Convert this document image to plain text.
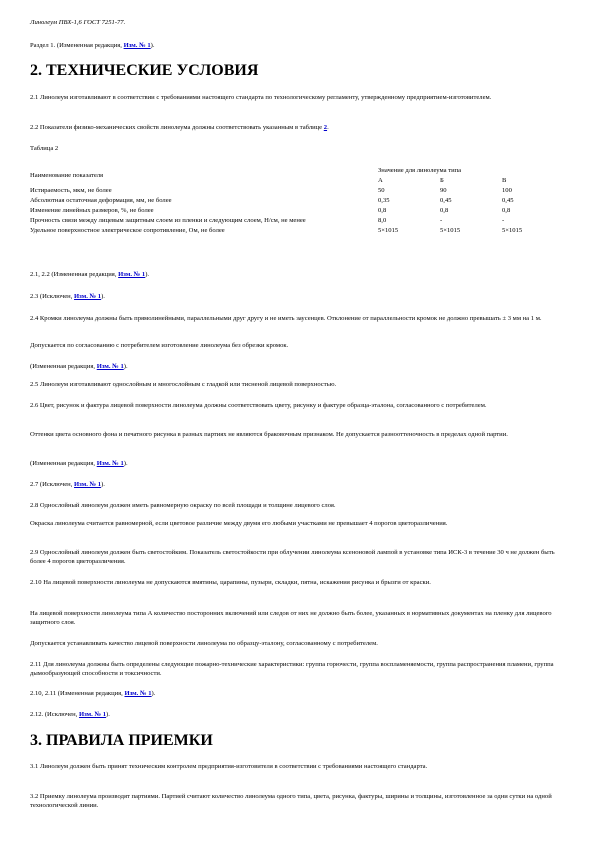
Линолеум ПВХ-1,6 ГОСТ 7251-77.

Раздел 1. (Измененная редакция, Изм. № 1).

2. ТЕХНИЧЕСКИЕ УСЛОВИЯ

2.1 Линолеум изготавливают в соответствии с требованиями настоящего стандарта по технологическому регламенту, утвержденному предприятием-изготовителем.

2.2 Показатели физико-механических свойств линолеума должны соответствовать указанным в таблице 2.

Таблица 2

Наименование показателя	Значение для линолеума типа		
	А	Б	В
Истираемость, мкм, не более	50	90	100
Абсолютная остаточная деформация, мм, не более	0,35	0,45	0,45
Изменение линейных размеров, %, не более	0,8	0,8	0,8
Прочность связи между лицевым защитным слоем из пленки и следующим слоем, Н/см, не менее	8,0	-	-
Удельное поверхностное электрическое сопротивление, Ом, не более	5×1015	5×1015	5×1015

2.1, 2.2 (Измененная редакция, Изм. № 1).

2.3 (Исключен, Изм. № 1).

2.4 Кромки линолеума должны быть прямолинейными, параллельными друг другу и не иметь заусенцев. Отклонение от параллельности кромок не должно превышать ± 3 мм на 1 м.

Допускается по согласованию с потребителем изготовление линолеума без обрезки кромок.

(Измененная редакция, Изм. № 1).

2.5 Линолеум изготавливают однослойным и многослойным с гладкой или тисненой лицевой поверхностью.

2.6 Цвет, рисунок и фактура лицевой поверхности линолеума должны соответствовать цвету, рисунку и фактуре образца-эталона, согласованного с потребителем.

Оттенки цвета основного фона и печатного рисунка в разных партиях не являются браковочным признаком. Не допускается разнооттеночность в пределах одной партии.

(Измененная редакция, Изм. № 1).

2.7 (Исключен, Изм. № 1).

2.8 Однослойный линолеум должен иметь равномерную окраску по всей площади и толщине лицевого слоя.

Окраска линолеума считается равномерной, если цветовое различие между двумя его любыми участками не превышает 4 порогов цветоразличения.

2.9 Однослойный линолеум должен быть светостойким. Показатель светостойкости при облучении линолеума ксеноновой лампой в установке типа ИСК-3 в течение 30 ч не должен быть более 4 порогов цветоразличения.

2.10 На лицевой поверхности линолеума не допускаются вмятины, царапины, пузыри, складки, пятна, искажения рисунка и брызги от краски.

На лицевой поверхности линолеума типа А количество посторонних включений или следов от них не должно быть более, указанных в нормативных документах на пленку для лицевого защитного слоя.

Допускается устанавливать качество лицевой поверхности линолеума по образцу-эталону, согласованному с потребителем.

2.11 Для линолеума должны быть определены следующие пожарно-технические характеристики: группа горючести, группа воспламеняемости, группа распространения пламени, группа дымообразующей способности и токсичности.

2.10, 2.11 (Измененная редакция, Изм. № 1).

2.12. (Исключен, Изм. № 1).

3. ПРАВИЛА ПРИЕМКИ

3.1 Линолеум должен быть принят техническим контролем предприятия-изготовителя в соответствии с требованиями настоящего стандарта.

3.2 Приемку линолеума производят партиями. Партией считают количество линолеума одного типа, цвета, рисунка, фактуры, ширины и толщины, изготовленное за одни сутки на одной технологической линии.
